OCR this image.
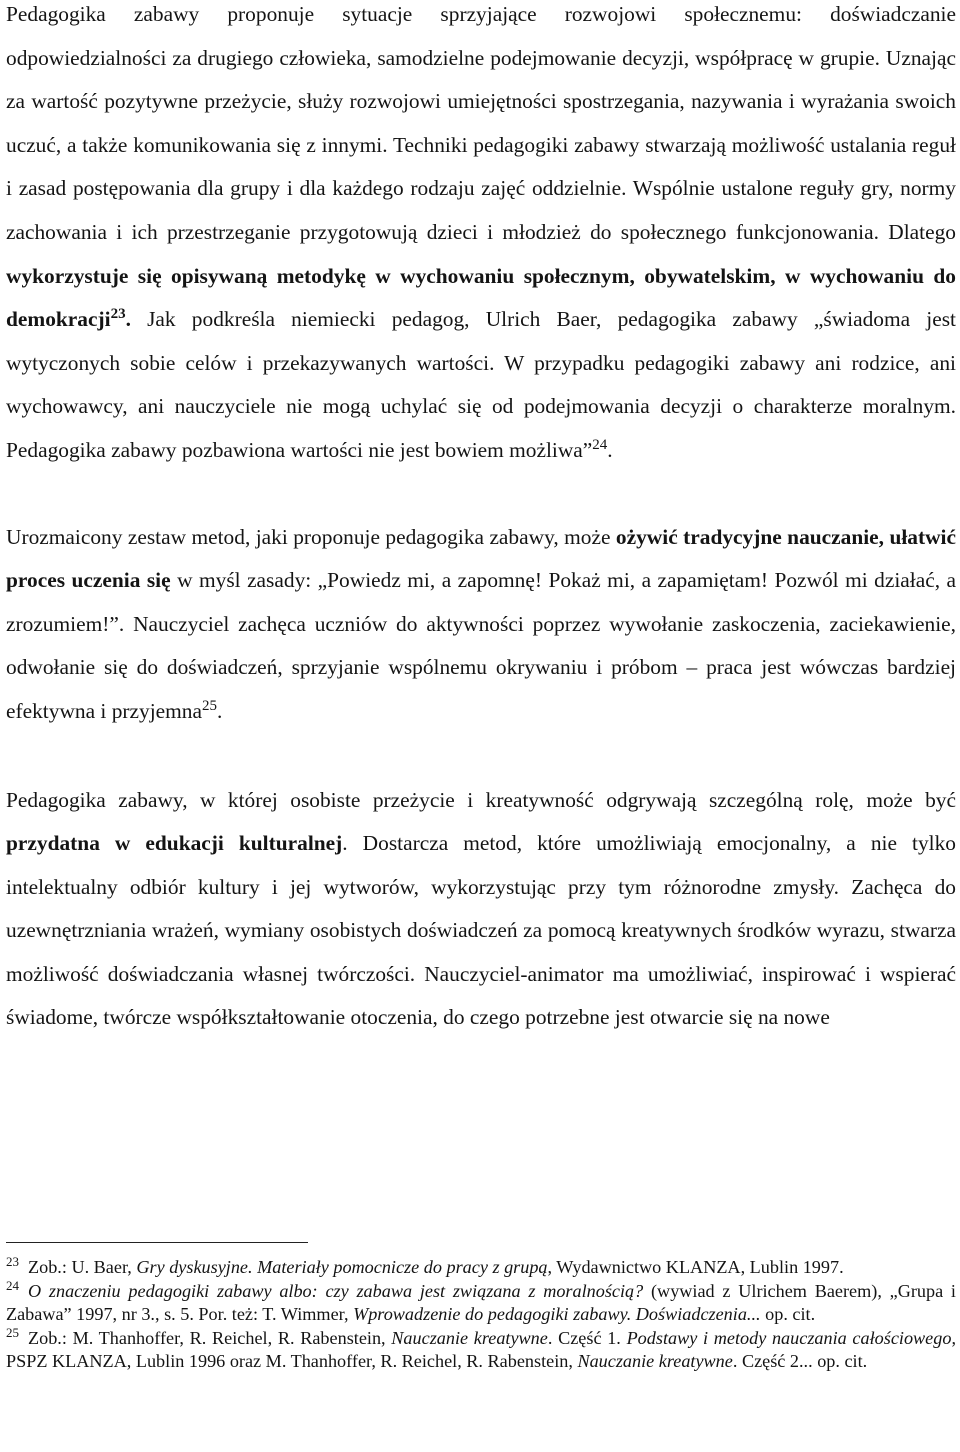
Pedagogika zabawy proponuje sytuacje sprzyjające rozwojowi społecznemu: doświadczanie odpowiedzialności za drugiego człowieka, samodzielne podejmowanie decyzji, współpracę w grupie. Uznając za wartość pozytywne przeżycie, służy rozwojowi umiejętności spostrzegania, nazywania i wyrażania swoich uczuć, a także komunikowania się z innymi. Techniki pedagogiki zabawy stwarzają możliwość ustalania reguł i zasad postępowania dla grupy i dla każdego rodzaju zajęć oddzielnie. Wspólnie ustalone reguły gry, normy zachowania i ich przestrzeganie przygotowują dzieci i młodzież do społecznego funkcjonowania. Dlatego wykorzystuje się opisywaną metodykę w wychowaniu społecznym, obywatelskim, w wychowaniu do demokracji$^{23}$. Jak podkreśla niemiecki pedagog, Ulrich Baer, pedagogika zabawy „świadoma jest wytyczonych sobie celów i przekazywanych wartości. W przypadku pedagogiki zabawy ani rodzice, ani wychowawcy, ani nauczyciele nie mogą uchylać się od podejmowania decyzji o charakterze moralnym. Pedagogika zabawy pozbawiona wartości nie jest bowiem możliwa”$^{24}$.

Urozmaicony zestaw metod, jaki proponuje pedagogika zabawy, może ożywić tradycyjne nauczanie, ułatwić proces uczenia się w myśl zasady: „Powiedz mi, a zapomnę! Pokaż mi, a zapamiętam! Pozwól mi działać, a zrozumiem!”. Nauczyciel zachęca uczniów do aktywności poprzez wywołanie zaskoczenia, zaciekawienie, odwołanie się do doświadczeń, sprzyjanie wspólnemu okrywaniu i próbom – praca jest wówczas bardziej efektywna i przyjemna$^{25}$.

Pedagogika zabawy, w której osobiste przeżycie i kreatywność odgrywają szczególną rolę, może być przydatna w edukacji kulturalnej. Dostarcza metod, które umożliwiają emocjonalny, a nie tylko intelektualny odbiór kultury i jej wytworów, wykorzystując przy tym różnorodne zmysły. Zachęca do uzewnętrzniania wrażeń, wymiany osobistych doświadczeń za pomocą kreatywnych środków wyrazu, stwarza możliwość doświadczania własnej twórczości. Nauczyciel-animator ma umożliwiać, inspirować i wspierać świadome, twórcze współkształtowanie otoczenia, do czego potrzebne jest otwarcie się na nowe

$^{23}$ Zob.: U. Baer, Gry dyskusyjne. Materiały pomocnicze do pracy z grupą, Wydawnictwo KLANZA, Lublin 1997.

$^{24}$ O znaczeniu pedagogiki zabawy albo: czy zabawa jest związana z moralnością? (wywiad z Ulrichem Baerem), „Grupa i Zabawa” 1997, nr 3., s. 5. Por. też: T. Wimmer, Wprowadzenie do pedagogiki zabawy. Doświadczenia... op. cit.

$^{25}$ Zob.: M. Thanhoffer, R. Reichel, R. Rabenstein, Nauczanie kreatywne. Część 1. Podstawy i metody nauczania całościowego, PSPZ KLANZA, Lublin 1996 oraz M. Thanhoffer, R. Reichel, R. Rabenstein, Nauczanie kreatywne. Część 2... op. cit.
